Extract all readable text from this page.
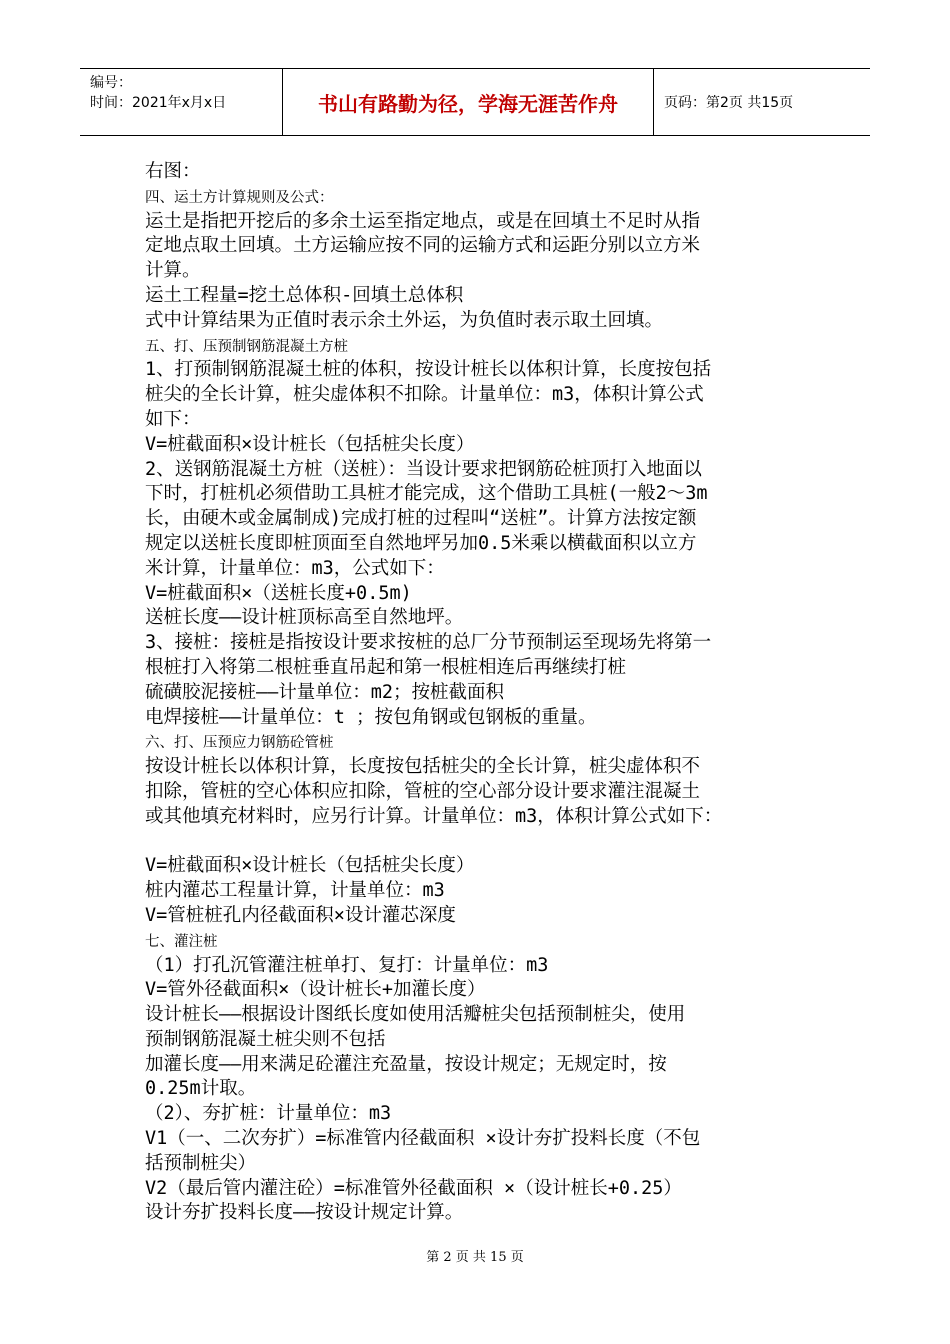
编号：
时间：2021年x月x日	书山有路勤为径，学海无涯苦作舟	页码：第2页 共15页
右图：
四、运土方计算规则及公式：
运土是指把开挖后的多余土运至指定地点，或是在回填土不足时从指
定地点取土回填。土方运输应按不同的运输方式和运距分别以立方米
计算。
运土工程量=挖土总体积-回填土总体积
式中计算结果为正值时表示余土外运，为负值时表示取土回填。
五、打、压预制钢筋混凝土方桩
1、打预制钢筋混凝土桩的体积，按设计桩长以体积计算，长度按包括
桩尖的全长计算，桩尖虚体积不扣除。计量单位：m3，体积计算公式
如下：
V=桩截面积×设计桩长（包括桩尖长度）
2、送钢筋混凝土方桩（送桩）：当设计要求把钢筋砼桩顶打入地面以
下时，打桩机必须借助工具桩才能完成，这个借助工具桩(一般2～3m
长，由硬木或金属制成)完成打桩的过程叫“送桩”。计算方法按定额
规定以送桩长度即桩顶面至自然地坪另加0.5米乘以横截面积以立方
米计算，计量单位：m3，公式如下：
V=桩截面积×（送桩长度+0.5m)
送桩长度——设计桩顶标高至自然地坪。
3、接桩：接桩是指按设计要求按桩的总厂分节预制运至现场先将第一
根桩打入将第二根桩垂直吊起和第一根桩相连后再继续打桩
硫磺胶泥接桩——计量单位：m2；按桩截面积
电焊接桩——计量单位：t ；按包角钢或包钢板的重量。
六、打、压预应力钢筋砼管桩
按设计桩长以体积计算，长度按包括桩尖的全长计算，桩尖虚体积不
扣除，管桩的空心体积应扣除，管桩的空心部分设计要求灌注混凝土
或其他填充材料时，应另行计算。计量单位：m3，体积计算公式如下：
V=桩截面积×设计桩长（包括桩尖长度）
桩内灌芯工程量计算，计量单位：m3
V=管桩桩孔内径截面积×设计灌芯深度
七、灌注桩
（1）打孔沉管灌注桩单打、复打：计量单位：m3
V=管外径截面积×（设计桩长+加灌长度）
设计桩长——根据设计图纸长度如使用活瓣桩尖包括预制桩尖，使用
预制钢筋混凝土桩尖则不包括
加灌长度——用来满足砼灌注充盈量，按设计规定；无规定时，按
0.25m计取。
（2）、夯扩桩：计量单位：m3
V1（一、二次夯扩）=标准管内径截面积 ×设计夯扩投料长度（不包
括预制桩尖）
V2（最后管内灌注砼）=标准管外径截面积 ×（设计桩长+0.25）
设计夯扩投料长度——按设计规定计算。
第 2 页 共 15 页
